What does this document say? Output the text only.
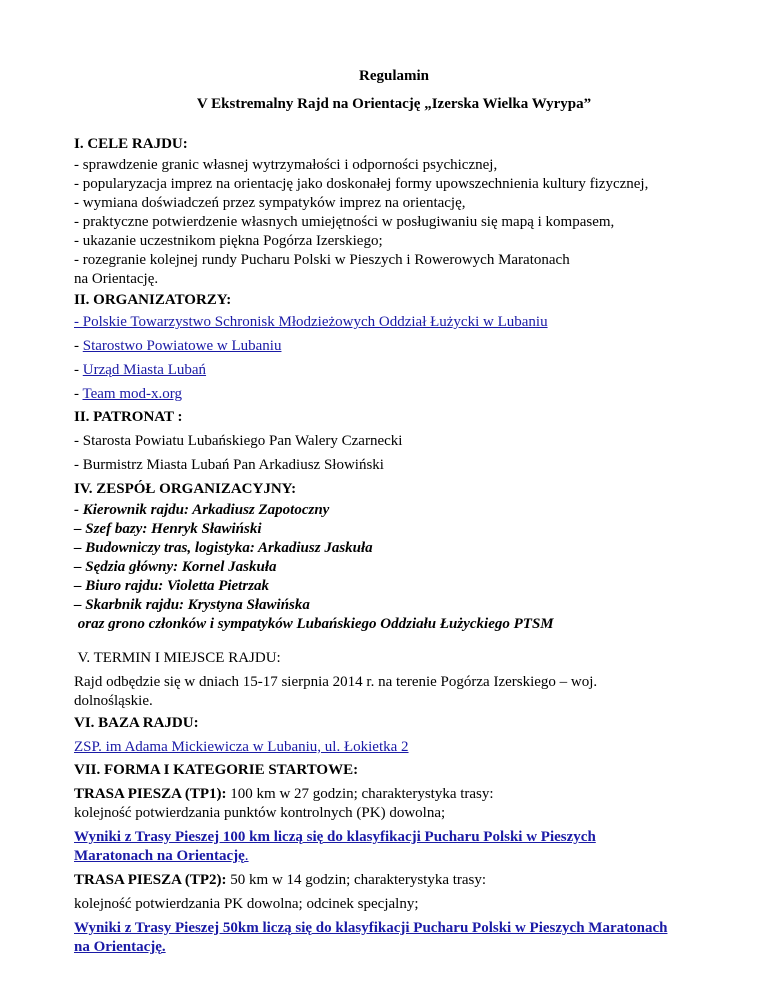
Regulamin
V Ekstremalny Rajd na Orientację „Izerska Wielka Wyrypa”
I. CELE RAJDU:
- sprawdzenie granic własnej wytrzymałości i odporności psychicznej,
- popularyzacja imprez na orientację jako doskonałej formy upowszechnienia kultury fizycznej,
- wymiana doświadczeń przez sympatyków imprez na orientację,
- praktyczne potwierdzenie własnych umiejętności w posługiwaniu się mapą i kompasem,
- ukazanie uczestnikom piękna Pogórza Izerskiego;
- rozegranie kolejnej rundy Pucharu Polski w Pieszych i Rowerowych Maratonach
na Orientację.
II. ORGANIZATORZY:
- Polskie Towarzystwo Schronisk Młodzieżowych Oddział Łużycki w Lubaniu
- Starostwo Powiatowe w Lubaniu
- Urząd Miasta Lubań
- Team mod-x.org
II. PATRONAT :
- Starosta Powiatu Lubańskiego Pan Walery Czarnecki
- Burmistrz Miasta Lubań Pan Arkadiusz Słowiński
IV. ZESPÓŁ ORGANIZACYJNY:
- Kierownik rajdu: Arkadiusz Zapotoczny
– Szef bazy: Henryk Sławiński
– Budowniczy tras, logistyka: Arkadiusz Jaskuła
– Sędzia główny: Kornel Jaskuła
– Biuro rajdu: Violetta Pietrzak
– Skarbnik rajdu: Krystyna Sławińska
oraz grono członków i sympatyków Lubańskiego Oddziału Łużyckiego PTSM
V. TERMIN I MIEJSCE RAJDU:
Rajd odbędzie się w dniach 15-17 sierpnia 2014 r. na terenie Pogórza Izerskiego – woj.
dolnośląskie.
VI. BAZA RAJDU:
ZSP. im Adama Mickiewicza w Lubaniu, ul. Łokietka 2
VII. FORMA I KATEGORIE STARTOWE:
TRASA PIESZA (TP1): 100 km w 27 godzin; charakterystyka trasy:
kolejność potwierdzania punktów kontrolnych (PK) dowolna;
Wyniki z Trasy Pieszej 100 km liczą się do klasyfikacji Pucharu Polski w Pieszych
Maratonach na Orientację.
TRASA PIESZA (TP2): 50 km w 14 godzin; charakterystyka trasy:
kolejność potwierdzania PK dowolna; odcinek specjalny;
Wyniki z Trasy Pieszej 50km liczą się do klasyfikacji Pucharu Polski w Pieszych Maratonach
na Orientację.
